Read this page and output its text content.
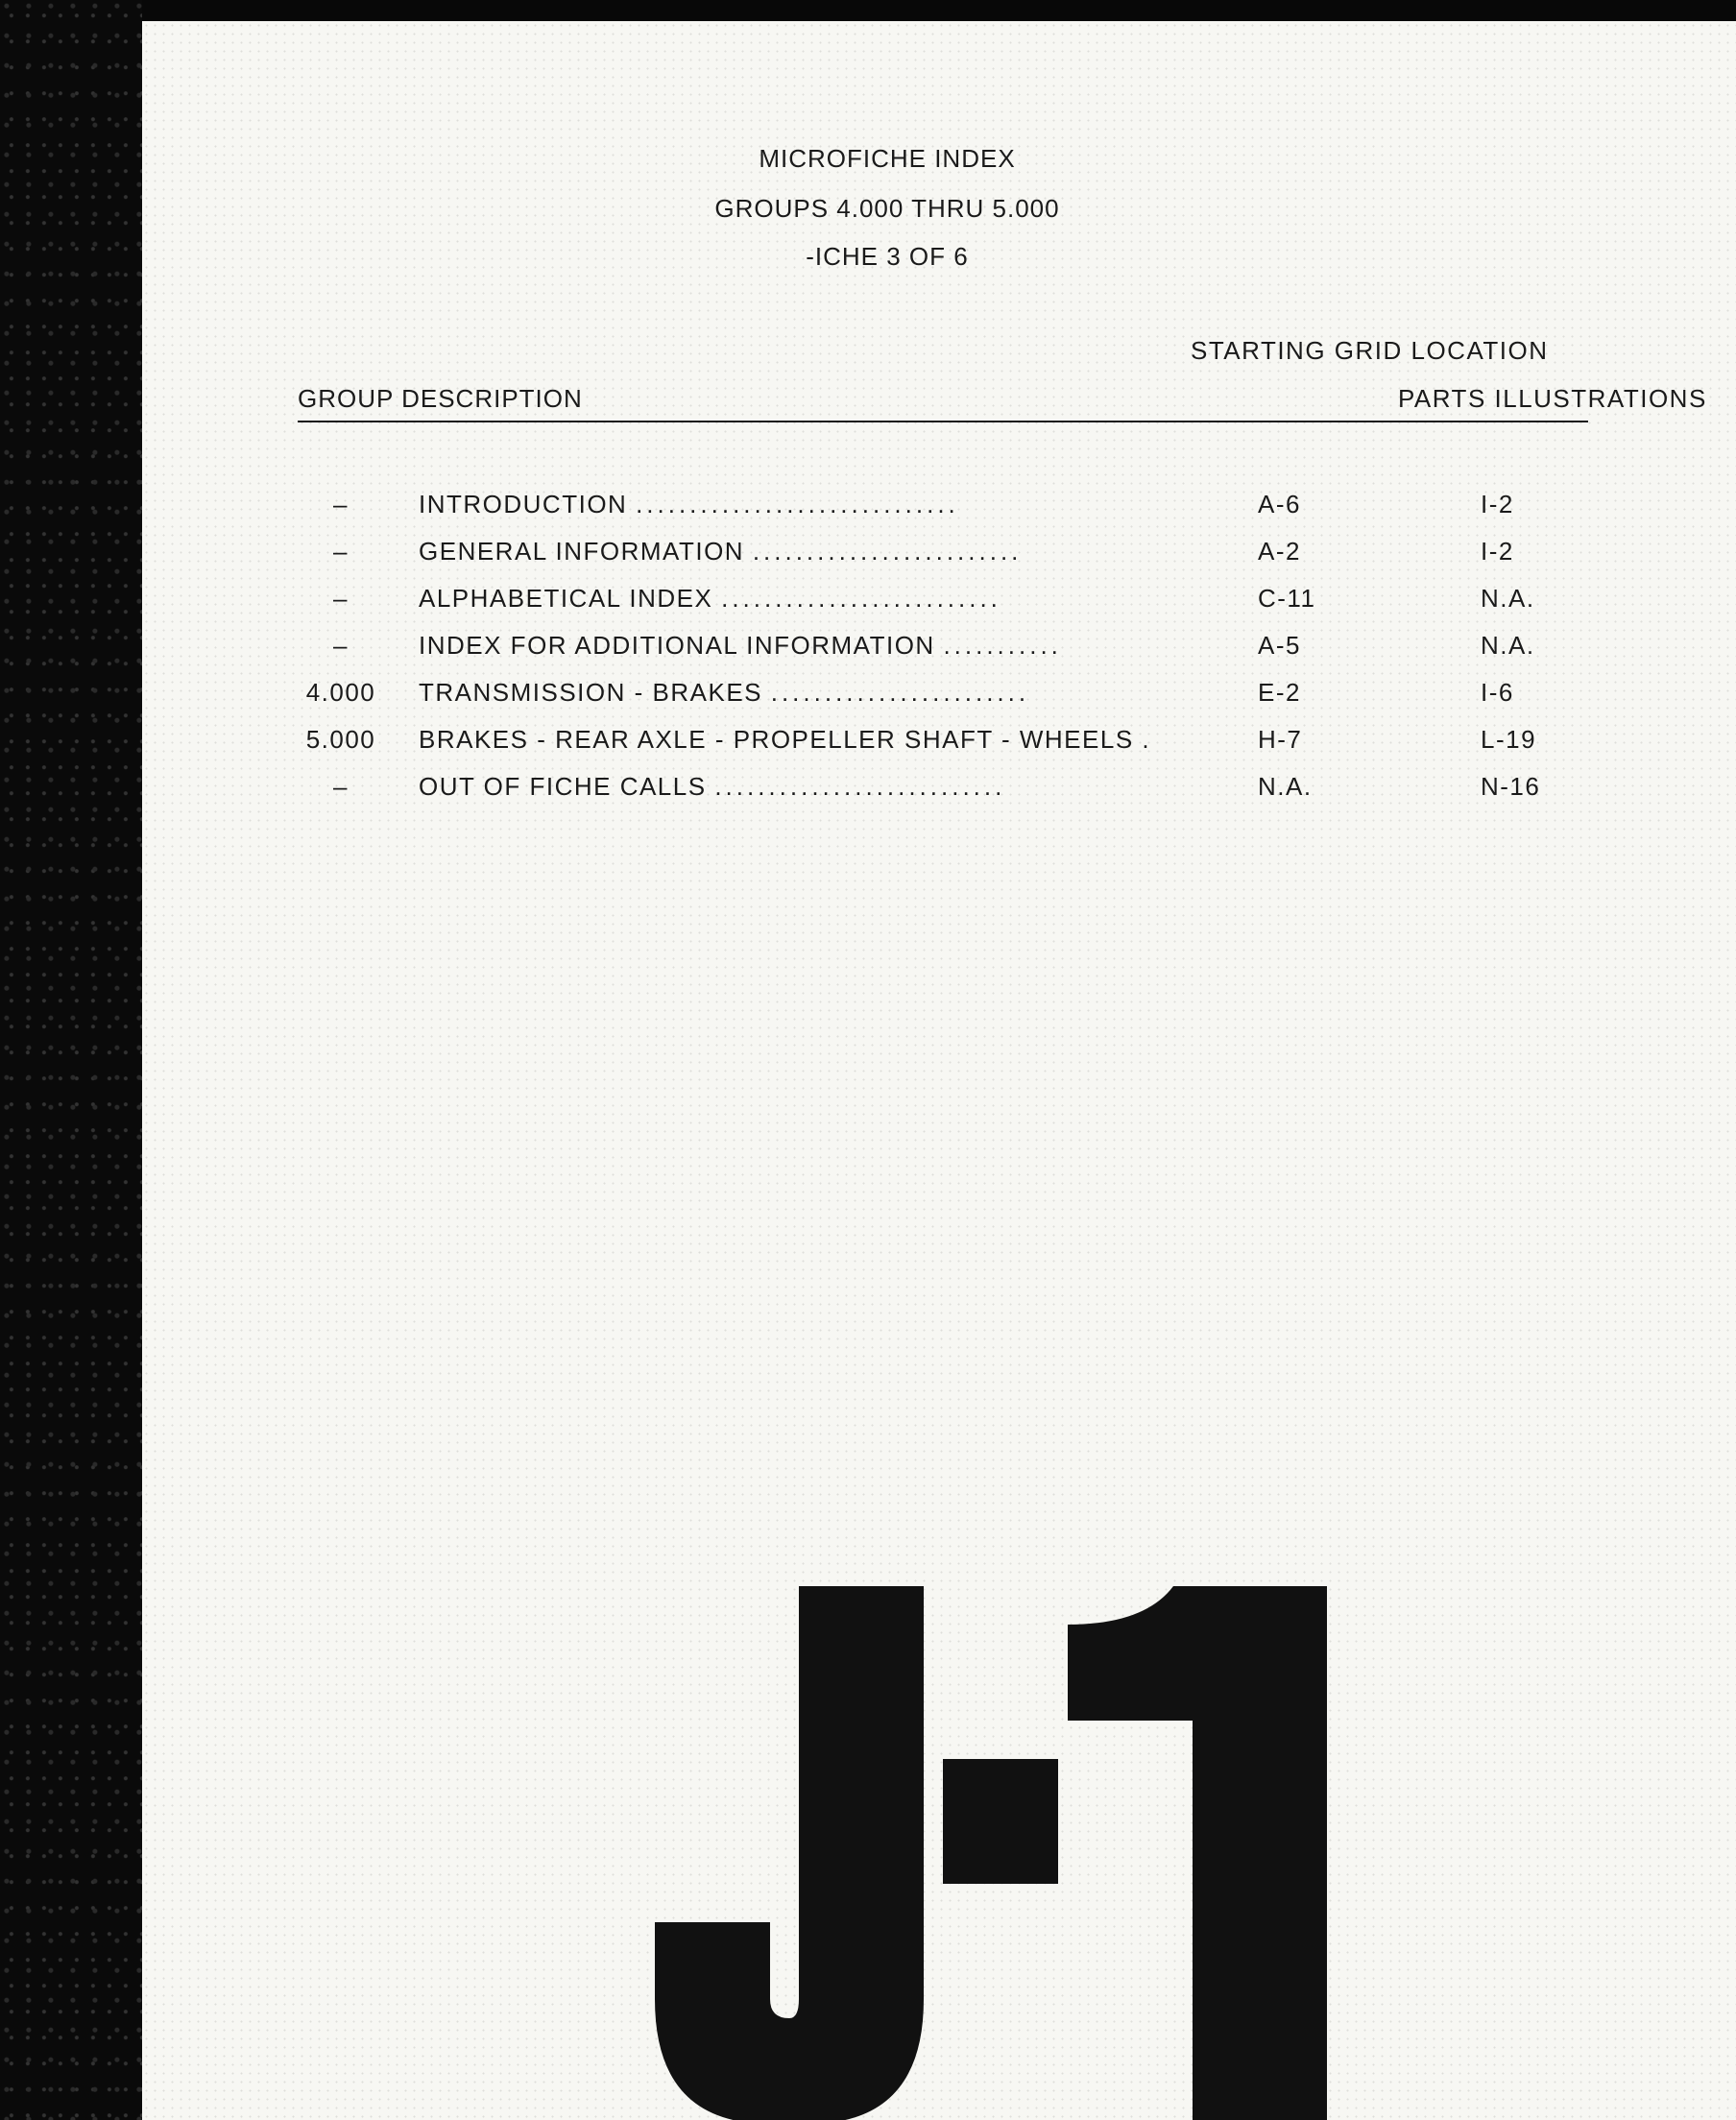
MICROFICHE INDEX
GROUPS 4.000 THRU 5.000
-ICHE 3 OF 6
STARTING GRID LOCATION
GROUP DESCRIPTION	PARTS ILLUSTRATIONS
–	INTRODUCTION ..............................	A-6	I-2
–	GENERAL INFORMATION .........................	A-2	I-2
–	ALPHABETICAL INDEX ..........................	C-11	N.A.
–	INDEX FOR ADDITIONAL INFORMATION ...........	A-5	N.A.
4.000	TRANSMISSION - BRAKES ........................	E-2	I-6
5.000	BRAKES - REAR AXLE - PROPELLER SHAFT - WHEELS .	H-7	L-19
–	OUT OF FICHE CALLS ...........................	N.A.	N-16
